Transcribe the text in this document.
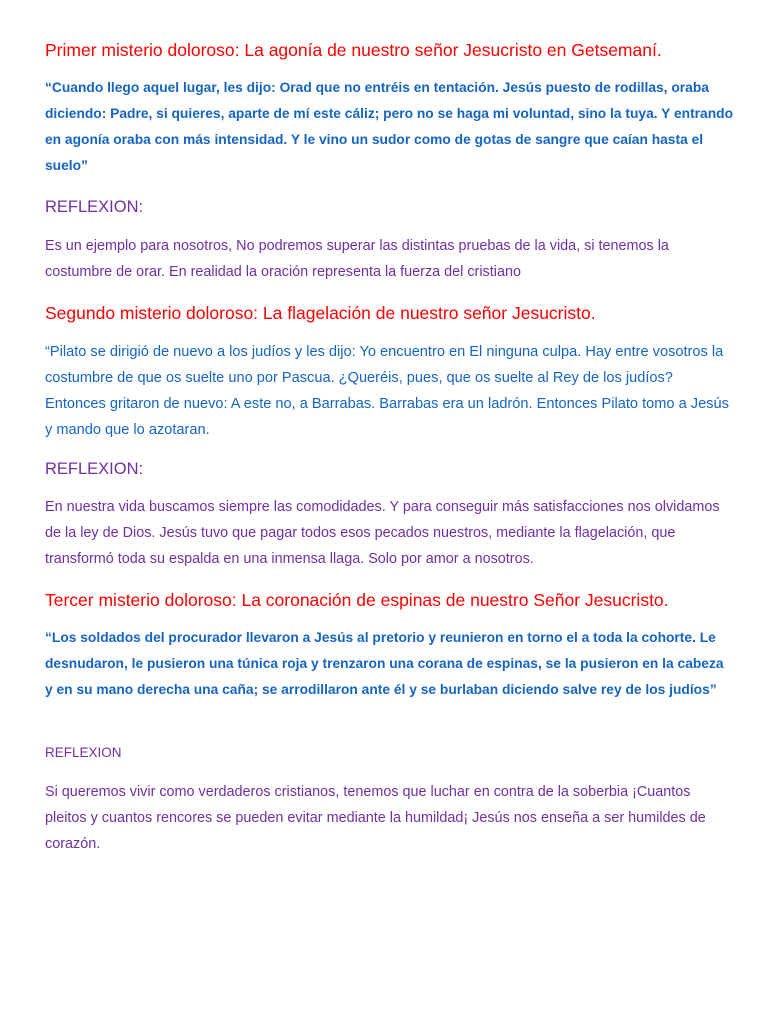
Primer misterio doloroso: La agonía de nuestro señor Jesucristo en Getsemaní.

“Cuando llego aquel lugar, les dijo: Orad que no entréis en tentación. Jesús puesto de rodillas, oraba diciendo: Padre, si quieres, aparte de mí este cáliz; pero no se haga mi voluntad, sino la tuya. Y entrando en agonía oraba con más intensidad. Y le vino un sudor como de gotas de sangre que caían hasta el suelo”

REFLEXION:

Es un ejemplo para nosotros, No podremos superar las distintas pruebas de la vida, si tenemos la costumbre de orar. En realidad la oración representa la fuerza del cristiano

Segundo misterio doloroso: La flagelación de nuestro señor Jesucristo.

“Pilato se dirigió de nuevo a los judíos y les dijo: Yo encuentro en El ninguna culpa. Hay entre vosotros la costumbre de que os suelte uno por Pascua. ¿Queréis, pues, que os suelte al Rey de los judíos? Entonces gritaron de nuevo: A este no, a Barrabas. Barrabas era un ladrón. Entonces Pilato tomo a Jesús y mando que lo azotaran.

REFLEXION:

En nuestra vida buscamos siempre las comodidades. Y para conseguir más satisfacciones nos olvidamos de la ley de Dios. Jesús tuvo que pagar todos esos pecados nuestros, mediante la flagelación, que transformó toda su espalda en una inmensa llaga. Solo por amor a nosotros.

Tercer misterio doloroso: La coronación de espinas de nuestro Señor Jesucristo.

“Los soldados del procurador llevaron a Jesús al pretorio y reunieron en torno el a toda la cohorte. Le desnudaron, le pusieron una túnica roja y trenzaron una corana de espinas, se la pusieron en la cabeza y en su mano derecha una caña; se arrodillaron ante él y se burlaban diciendo salve rey de los judíos”

REFLEXION

Si queremos vivir como verdaderos cristianos, tenemos que luchar en contra de la soberbia ¡Cuantos pleitos y cuantos rencores se pueden evitar mediante la humildad¡ Jesús nos enseña a ser humildes de corazón.
